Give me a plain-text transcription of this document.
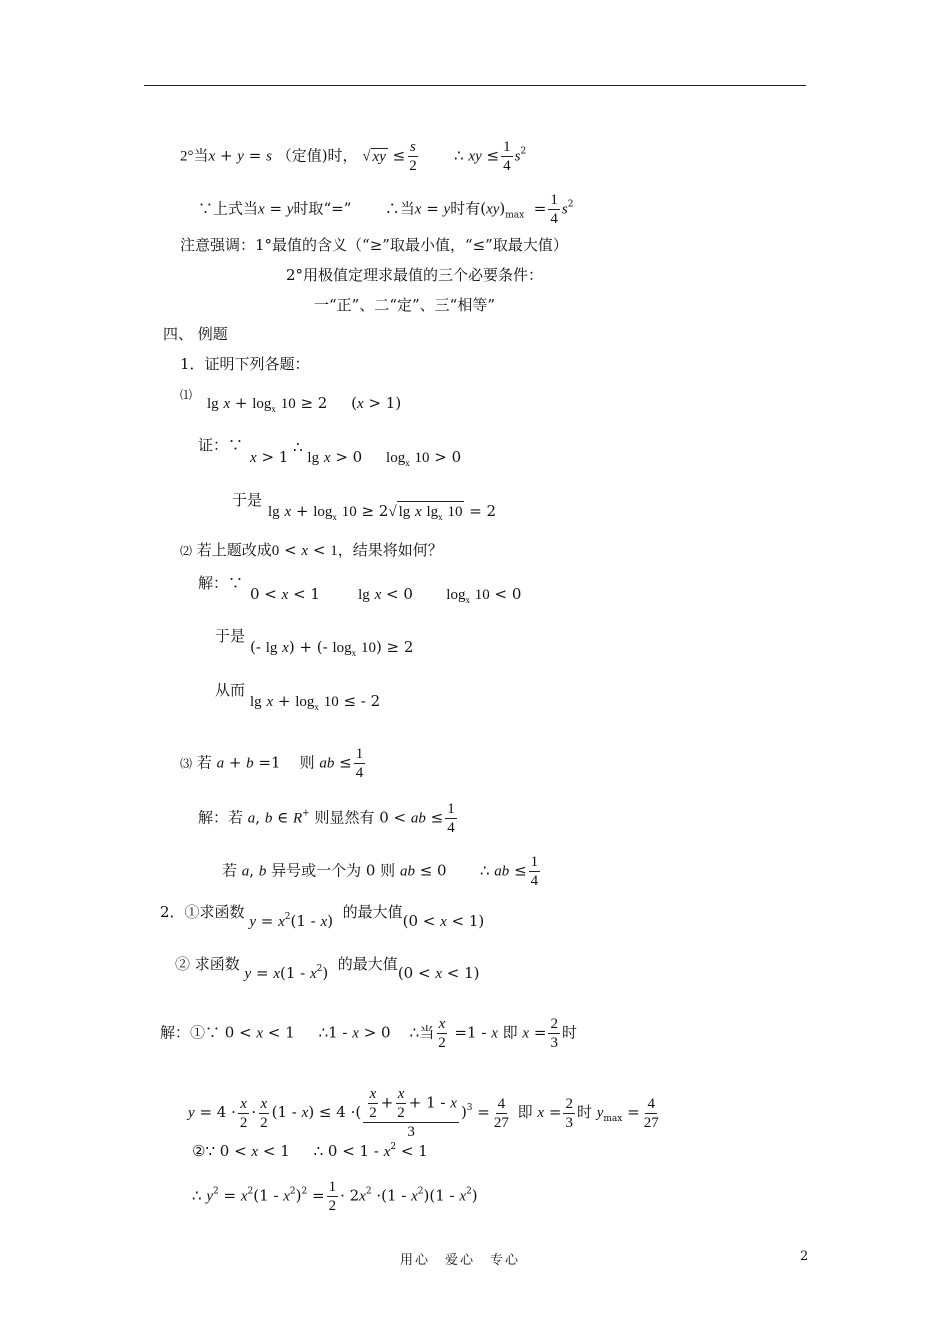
2°当x + y = s （定值)时， √ xy ≤ $\frac{s}{2}$ ∴ xy ≤ $\frac{1}{4} s^2$
∵上式当x = y时取“=”       ∴当x = y时有$(xy)_{max} = \frac{1}{4} s^2$
注意强调：1°最值的含义（“≥”取最小值，“≤”取最大值）
2°用极值定理求最值的三个必要条件：
一“正”、二“定”、三“相等”
四、 例题
1．证明下列各题：
⑴
$\lg x + \log_x 10 \ge 2$     (x > 1)
证：∵
x > 1 ∴ lg x > 0     $\log_x 10 > 0$
于是
$\lg x + \log_x 10 \ge 2√$ lg x $\lg_x 10 = 2$
⑵ 若上题改成0 < x < 1，结果将如何？
解：∵
0 < x < 1        lg x < 0       $\log_x 10 < 0$
于是
(- lg x) + (- $\log_x 10) \ge 2$
从而
$\lg x + \log_x 10$ ≤ - 2
⑶ 若 a + b =1    则 ab ≤ $\frac{1}{4}$
解：若 a, b ∈ R+ 则显然有 0 < ab ≤ $\frac{1}{4}$
若 a, b 异号或一个为 0 则 ab ≤ 0       ∴ ab ≤ $\frac{1}{4}$
2．①求函数 $y = x^2(1 - x)$  的最大值(0 < x < 1)
② 求函数 $y = x(1 - x^2)$  的最大值(0 < x < 1)
解：①∵ 0 < x < 1     ∴1 - x > 0    ∴当 $\frac{x}{2} =1 - x$ 即 $x = \frac{2}{3}$ 时
$y = 4 \cdot \frac{x}{2} \cdot \frac{x}{2} (1 - x) \le 4$ ·( $\frac{\frac{x}{2} + \frac{x}{2} + 1 - x}{3} )^3 = \frac{4}{27}$ 即 $x = \frac{2}{3}$ 时 $y_{max} = \frac{4}{27}$
②∵ 0 < x < 1     ∴ $0 < 1 - x^2 < 1$
∴ $y^2 = x^2(1 - x^2)^2 = \frac{1}{2} \cdot 2x^2 \cdot(1 - x^2)(1 - x^2)$
用心　爱心　专心	2
